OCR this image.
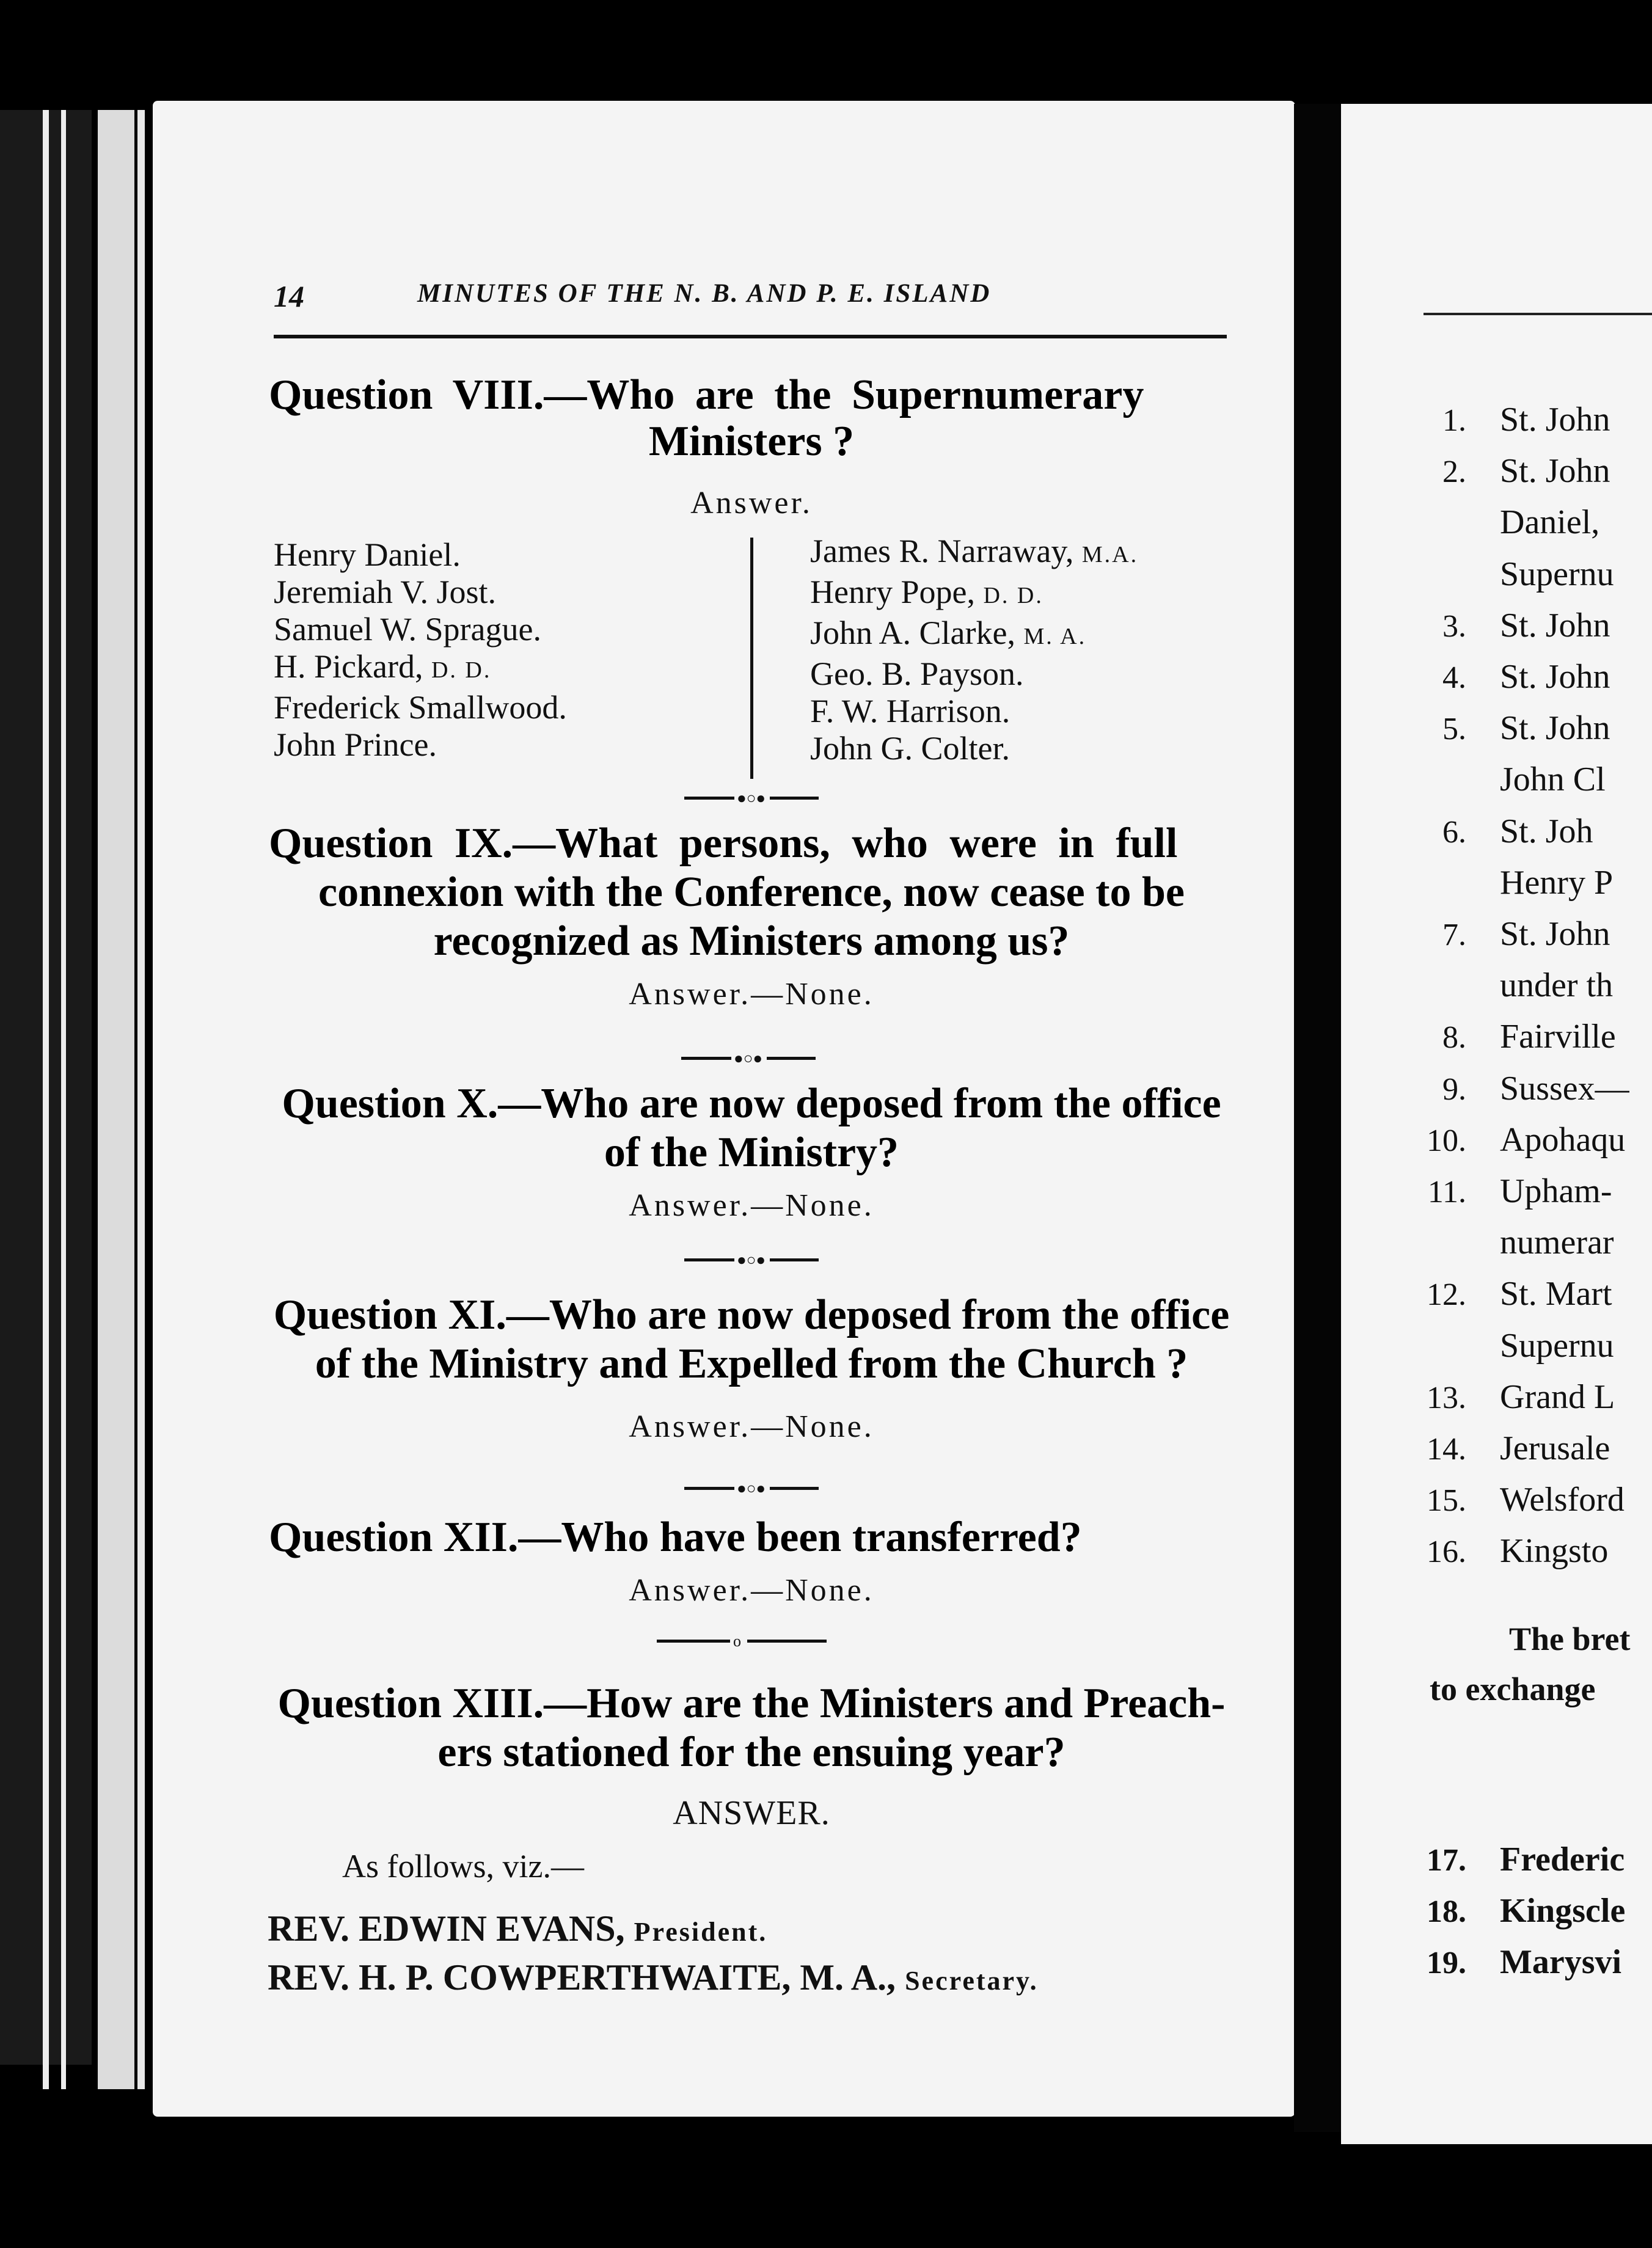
14	MINUTES OF THE N. B. AND P. E. ISLAND
Question VIII.—Who are the Supernumerary
Ministers ?
Answer.
Henry Daniel.
Jeremiah V. Jost.
Samuel W. Sprague.
H. Pickard, D. D.
Frederick Smallwood.
John Prince.
James R. Narraway, M.A.
Henry Pope, D. D.
John A. Clarke, M. A.
Geo. B. Payson.
F. W. Harrison.
John G. Colter.
●○●
Question IX.—What persons, who were in full
connexion with the Conference, now cease to be
recognized as Ministers among us?
Answer.—None.
●○●
Question X.—Who are now deposed from the office
of the Ministry?
Answer.—None.
●○●
Question XI.—Who are now deposed from the office
of the Ministry and Expelled from the Church ?
Answer.—None.
●○●
Question XII.—Who have been transferred?
Answer.—None.
o
Question XIII.—How are the Ministers and Preach-
ers stationed for the ensuing year?
ANSWER.
As follows, viz.—
REV. EDWIN EVANS, President.
REV. H. P. COWPERTHWAITE, M. A., Secretary.
1. St. John
2. St. John
Daniel,
Supernu
3. St. John
4. St. John
5. St. John
John Cl
6. St. Joh
Henry P
7. St. John
under th
8. Fairville
9. Sussex—
10. Apohaqu
11. Upham-
numerar
12. St. Mart
Supernu
13. Grand L
14. Jerusale
15. Welsford
16. Kingsto
The bret
to exchange
17. Frederic
18. Kingscle
19. Marysvi
